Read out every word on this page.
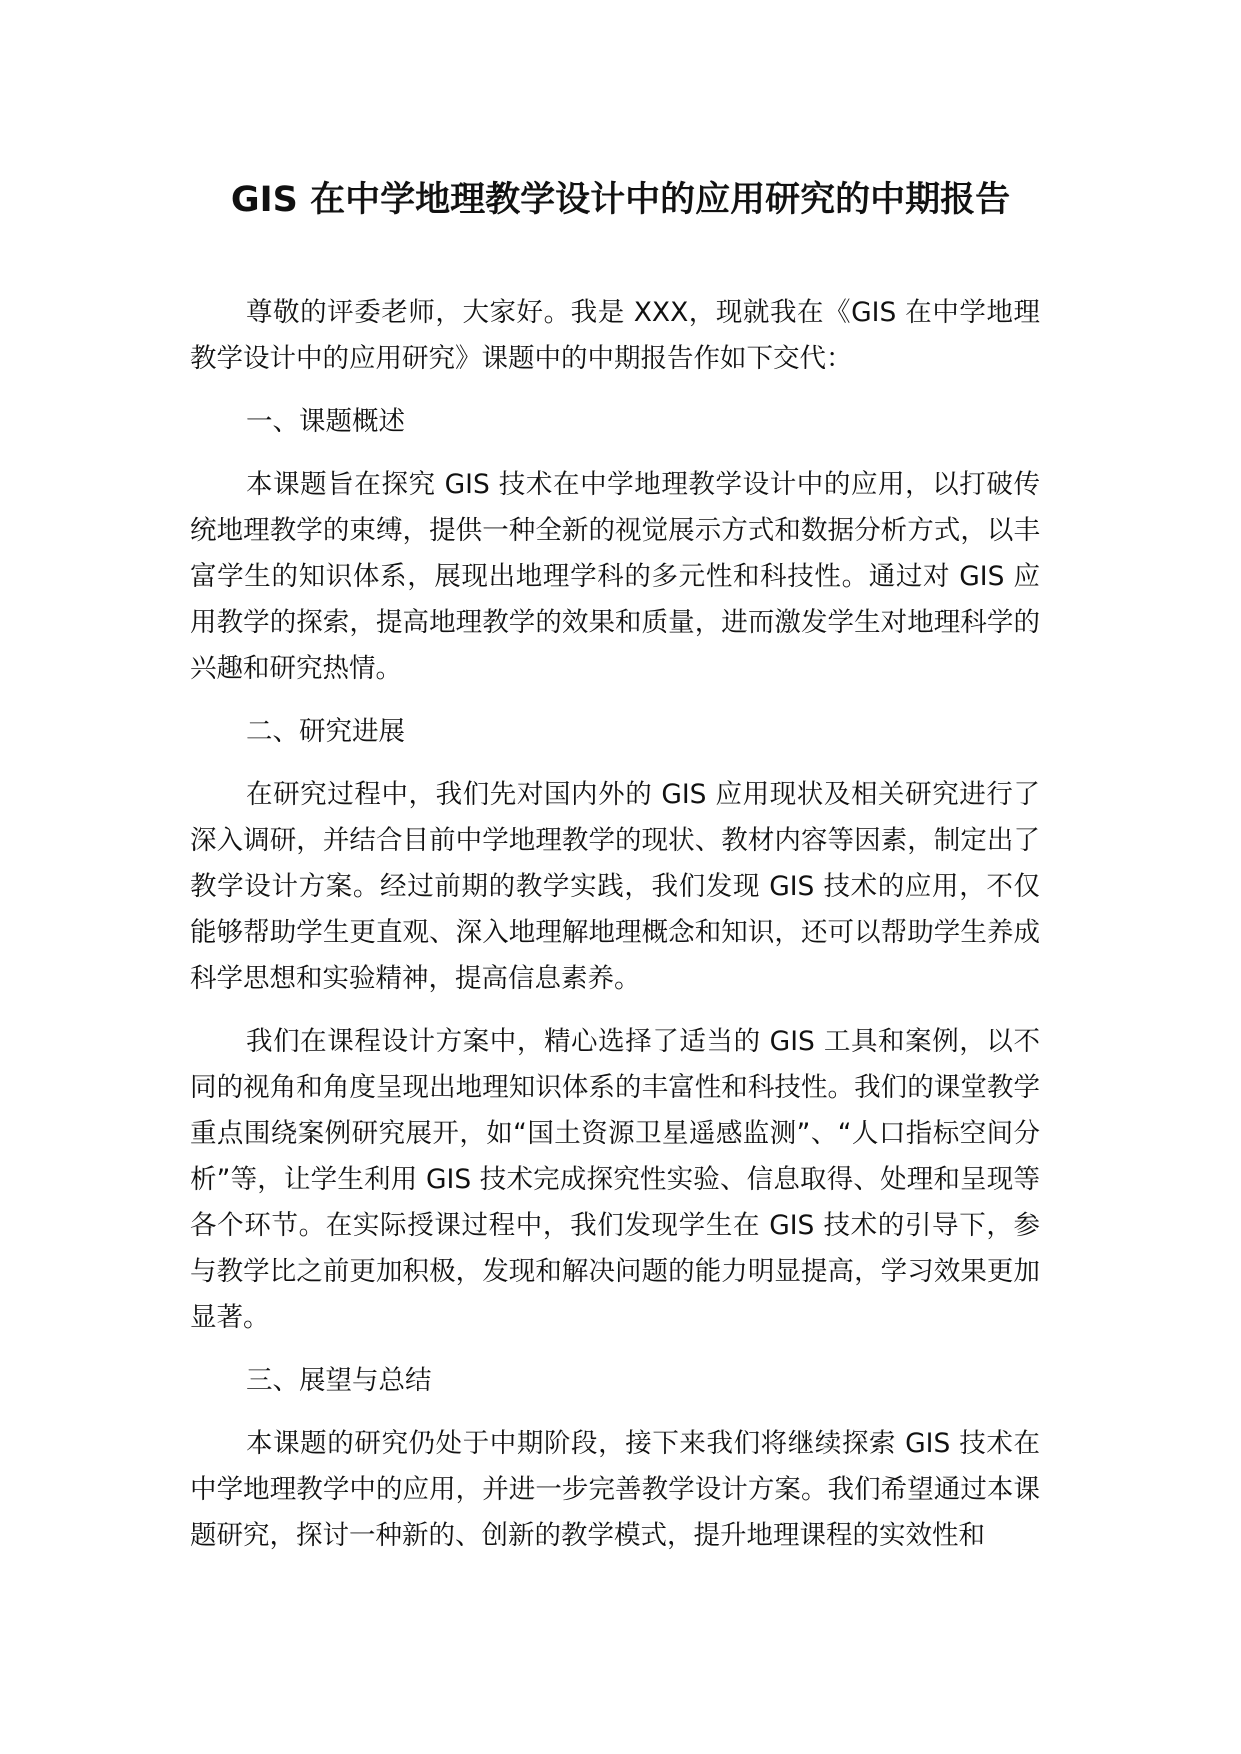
GIS 在中学地理教学设计中的应用研究的中期报告

尊敬的评委老师，大家好。我是 XXX，现就我在《GIS 在中学地理教学设计中的应用研究》课题中的中期报告作如下交代：

一、课题概述

本课题旨在探究 GIS 技术在中学地理教学设计中的应用，以打破传统地理教学的束缚，提供一种全新的视觉展示方式和数据分析方式，以丰富学生的知识体系，展现出地理学科的多元性和科技性。通过对 GIS 应用教学的探索，提高地理教学的效果和质量，进而激发学生对地理科学的兴趣和研究热情。

二、研究进展

在研究过程中，我们先对国内外的 GIS 应用现状及相关研究进行了深入调研，并结合目前中学地理教学的现状、教材内容等因素，制定出了教学设计方案。经过前期的教学实践，我们发现 GIS 技术的应用，不仅能够帮助学生更直观、深入地理解地理概念和知识，还可以帮助学生养成科学思想和实验精神，提高信息素养。

我们在课程设计方案中，精心选择了适当的 GIS 工具和案例，以不同的视角和角度呈现出地理知识体系的丰富性和科技性。我们的课堂教学重点围绕案例研究展开，如“国土资源卫星遥感监测”、“人口指标空间分析”等，让学生利用 GIS 技术完成探究性实验、信息取得、处理和呈现等各个环节。在实际授课过程中，我们发现学生在 GIS 技术的引导下，参与教学比之前更加积极，发现和解决问题的能力明显提高，学习效果更加显著。

三、展望与总结

本课题的研究仍处于中期阶段，接下来我们将继续探索 GIS 技术在中学地理教学中的应用，并进一步完善教学设计方案。我们希望通过本课题研究，探讨一种新的、创新的教学模式，提升地理课程的实效性和
